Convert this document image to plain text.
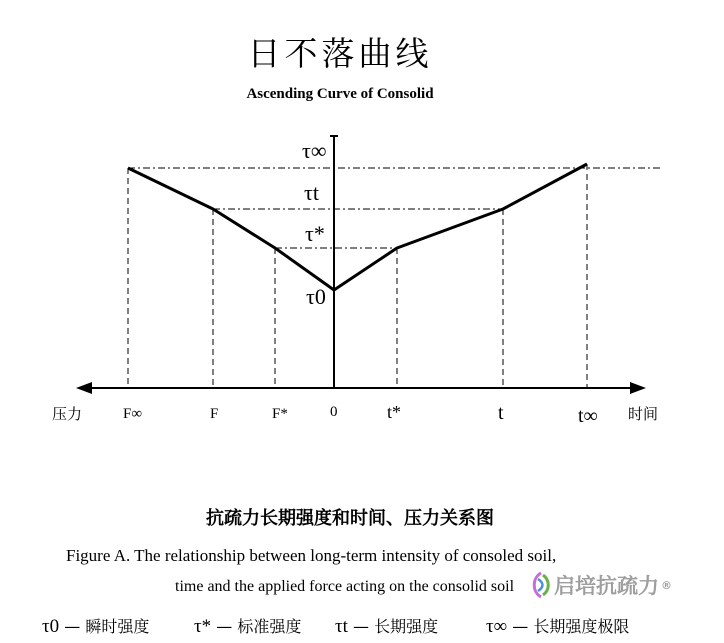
日不落曲线
Ascending Curve of Consolid
τ∞
τt
τ*
τ0
压力	时间
F∞	F	F*	0	t*	t	t∞
抗疏力长期强度和时间、压力关系图
Figure A. The relationship between long-term intensity of consoled soil,
time and the applied force acting on the consolid soil 启培抗疏力 ®
τ0 — 瞬时强度 τ* — 标准强度 τt — 长期强度	τ∞ — 长期强度极限
